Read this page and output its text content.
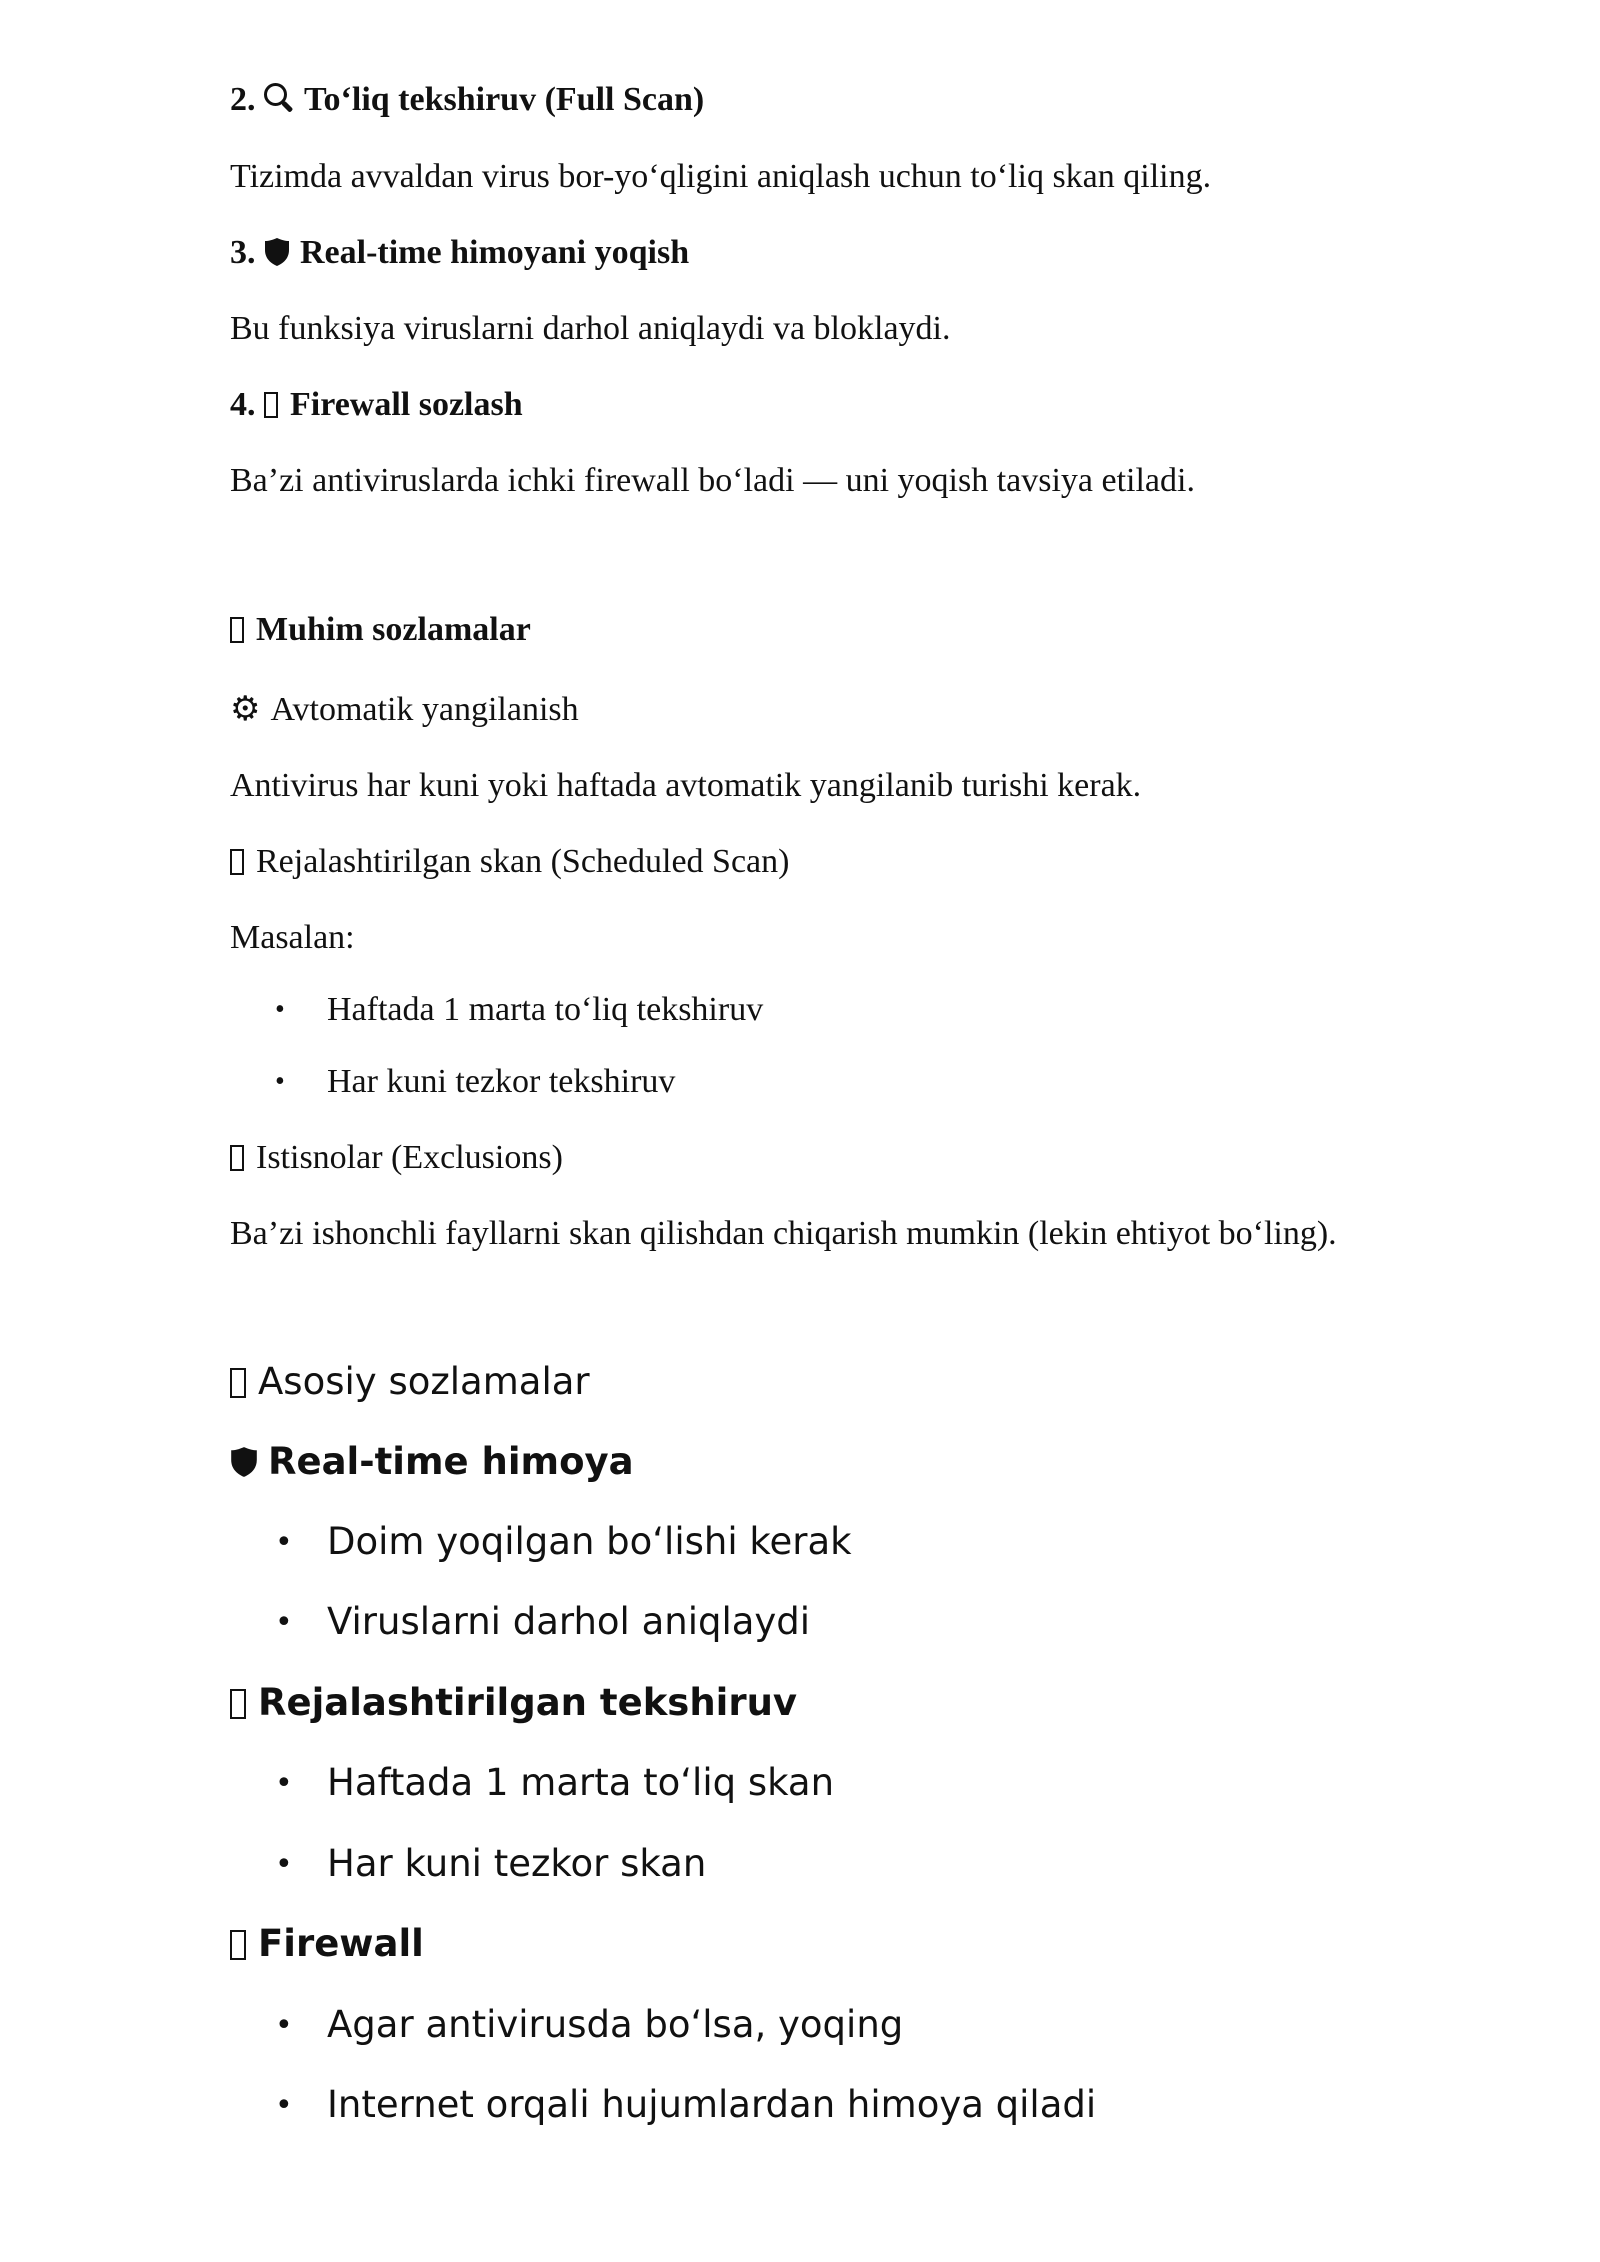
2. To‘liq tekshiruv (Full Scan)
Tizimda avvaldan virus bor-yo‘qligini aniqlash uchun to‘liq skan qiling.
3. Real-time himoyani yoqish
Bu funksiya viruslarni darhol aniqlaydi va bloklaydi.
4. Firewall sozlash
Ba’zi antiviruslarda ichki firewall bo‘ladi — uni yoqish tavsiya etiladi.
Muhim sozlamalar
⚙ Avtomatik yangilanish
Antivirus har kuni yoki haftada avtomatik yangilanib turishi kerak.
Rejalashtirilgan skan (Scheduled Scan)
Masalan:
• Haftada 1 marta to‘liq tekshiruv
• Har kuni tezkor tekshiruv
Istisnolar (Exclusions)
Ba’zi ishonchli fayllarni skan qilishdan chiqarish mumkin (lekin ehtiyot bo‘ling).
Asosiy sozlamalar
Real-time himoya
• Doim yoqilgan boʻlishi kerak
• Viruslarni darhol aniqlaydi
Rejalashtirilgan tekshiruv
• Haftada 1 marta toʻliq skan
• Har kuni tezkor skan
Firewall
• Agar antivirusda boʻlsa, yoqing
• Internet orqali hujumlardan himoya qiladi
